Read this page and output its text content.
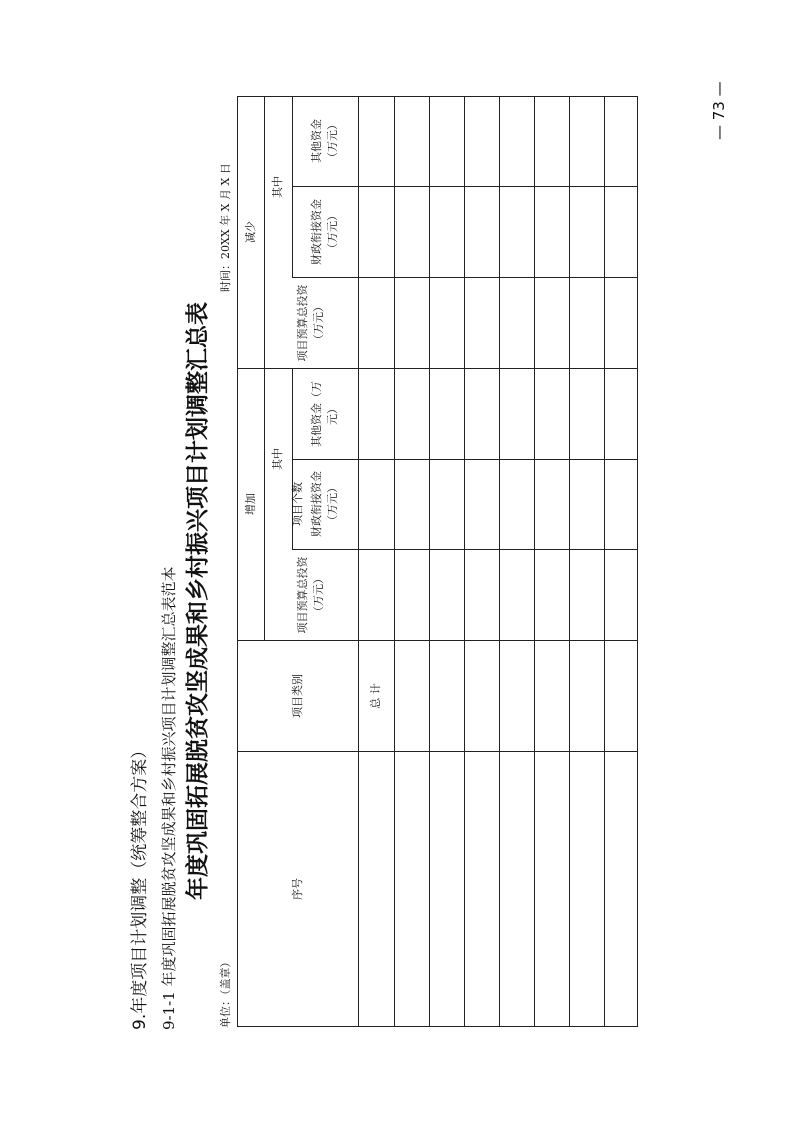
9.年度项目计划调整（统筹整合方案） 9-1-1 年度巩固拓展脱贫攻坚成果和乡村振兴项目计划调整汇总表范本 年度巩固拓展脱贫攻坚成果和乡村振兴项目计划调整汇总表
单位：（盖章）
时间：20XX 年 X 月 X 日
— 73 —
序号
项目类别
项目个数
减少
其中
项目预算总投资（万元）
财政衔接资金（万元）
其他资金（万元）
增加
其中
项目预算总投资（万元）
财政衔接资金（万元）
其他资金（万元）
总 计
